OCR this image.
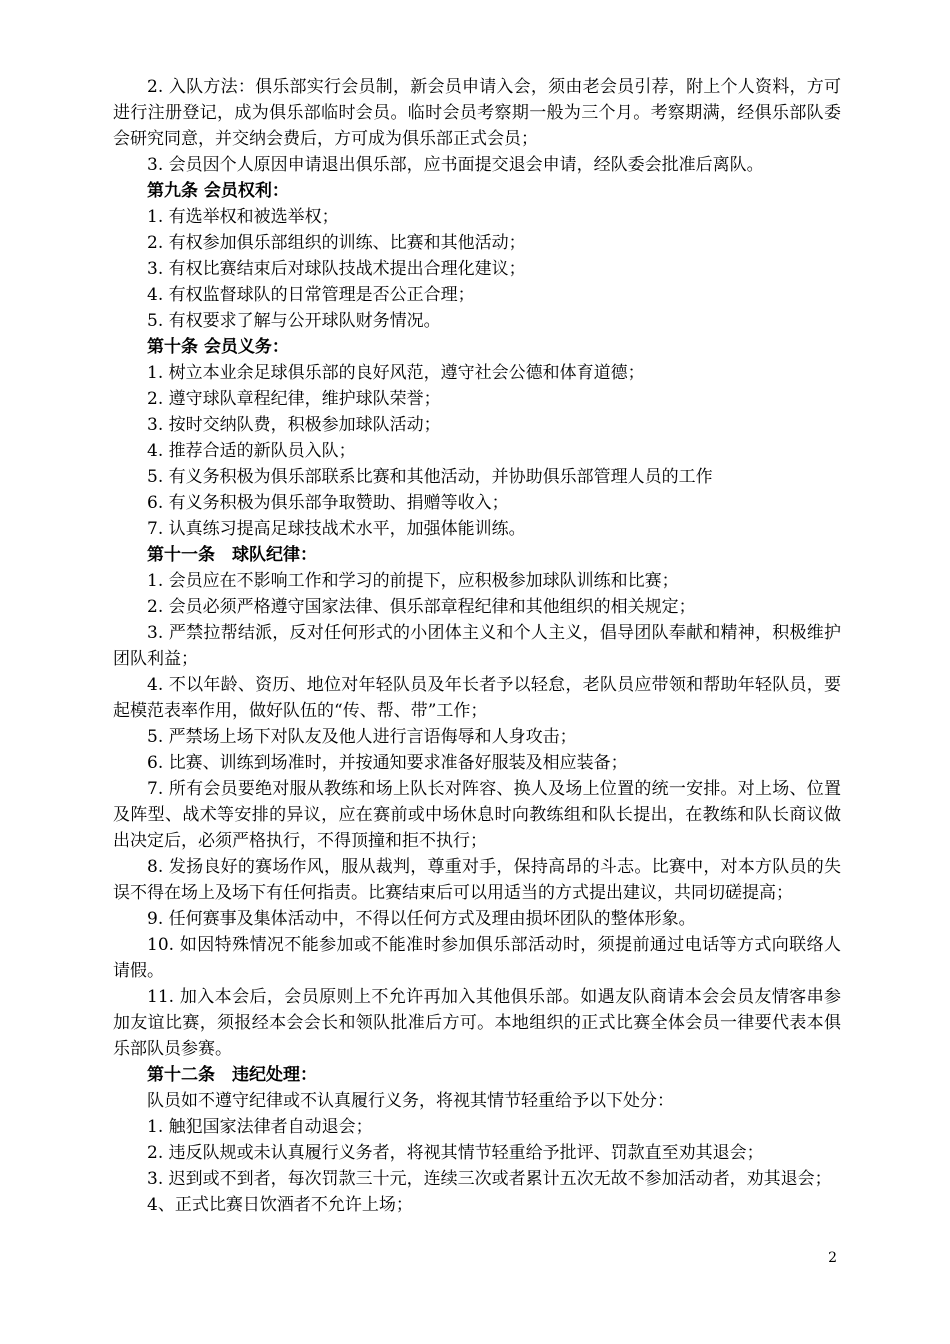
2. 入队方法：俱乐部实行会员制，新会员申请入会，须由老会员引荐，附上个人资料，方可进行注册登记，成为俱乐部临时会员。临时会员考察期一般为三个月。考察期满，经俱乐部队委会研究同意，并交纳会费后，方可成为俱乐部正式会员；

3. 会员因个人原因申请退出俱乐部，应书面提交退会申请，经队委会批准后离队。

第九条 会员权利：

1. 有选举权和被选举权；

2. 有权参加俱乐部组织的训练、比赛和其他活动；

3. 有权比赛结束后对球队技战术提出合理化建议；

4. 有权监督球队的日常管理是否公正合理；

5. 有权要求了解与公开球队财务情况。

第十条 会员义务：

1. 树立本业余足球俱乐部的良好风范，遵守社会公德和体育道德；

2. 遵守球队章程纪律，维护球队荣誉；

3. 按时交纳队费，积极参加球队活动；

4. 推荐合适的新队员入队；

5. 有义务积极为俱乐部联系比赛和其他活动，并协助俱乐部管理人员的工作

6. 有义务积极为俱乐部争取赞助、捐赠等收入；

7. 认真练习提高足球技战术水平，加强体能训练。

第十一条　球队纪律：

1. 会员应在不影响工作和学习的前提下，应积极参加球队训练和比赛；

2. 会员必须严格遵守国家法律、俱乐部章程纪律和其他组织的相关规定；

3. 严禁拉帮结派，反对任何形式的小团体主义和个人主义，倡导团队奉献和精神，积极维护团队利益；

4. 不以年龄、资历、地位对年轻队员及年长者予以轻怠，老队员应带领和帮助年轻队员，要起模范表率作用，做好队伍的“传、帮、带”工作；

5. 严禁场上场下对队友及他人进行言语侮辱和人身攻击；

6. 比赛、训练到场准时，并按通知要求准备好服装及相应装备；

7. 所有会员要绝对服从教练和场上队长对阵容、换人及场上位置的统一安排。对上场、位置及阵型、战术等安排的异议，应在赛前或中场休息时向教练组和队长提出，在教练和队长商议做出决定后，必须严格执行，不得顶撞和拒不执行；

8. 发扬良好的赛场作风，服从裁判，尊重对手，保持高昂的斗志。比赛中，对本方队员的失误不得在场上及场下有任何指责。比赛结束后可以用适当的方式提出建议，共同切磋提高；

9. 任何赛事及集体活动中，不得以任何方式及理由损坏团队的整体形象。

10. 如因特殊情况不能参加或不能准时参加俱乐部活动时，须提前通过电话等方式向联络人请假。

11. 加入本会后，会员原则上不允许再加入其他俱乐部。如遇友队商请本会会员友情客串参加友谊比赛，须报经本会会长和领队批准后方可。本地组织的正式比赛全体会员一律要代表本俱乐部队员参赛。

第十二条　违纪处理：

队员如不遵守纪律或不认真履行义务，将视其情节轻重给予以下处分：

1. 触犯国家法律者自动退会；

2. 违反队规或未认真履行义务者，将视其情节轻重给予批评、罚款直至劝其退会；

3. 迟到或不到者，每次罚款三十元，连续三次或者累计五次无故不参加活动者，劝其退会；

4、正式比赛日饮酒者不允许上场；

2
